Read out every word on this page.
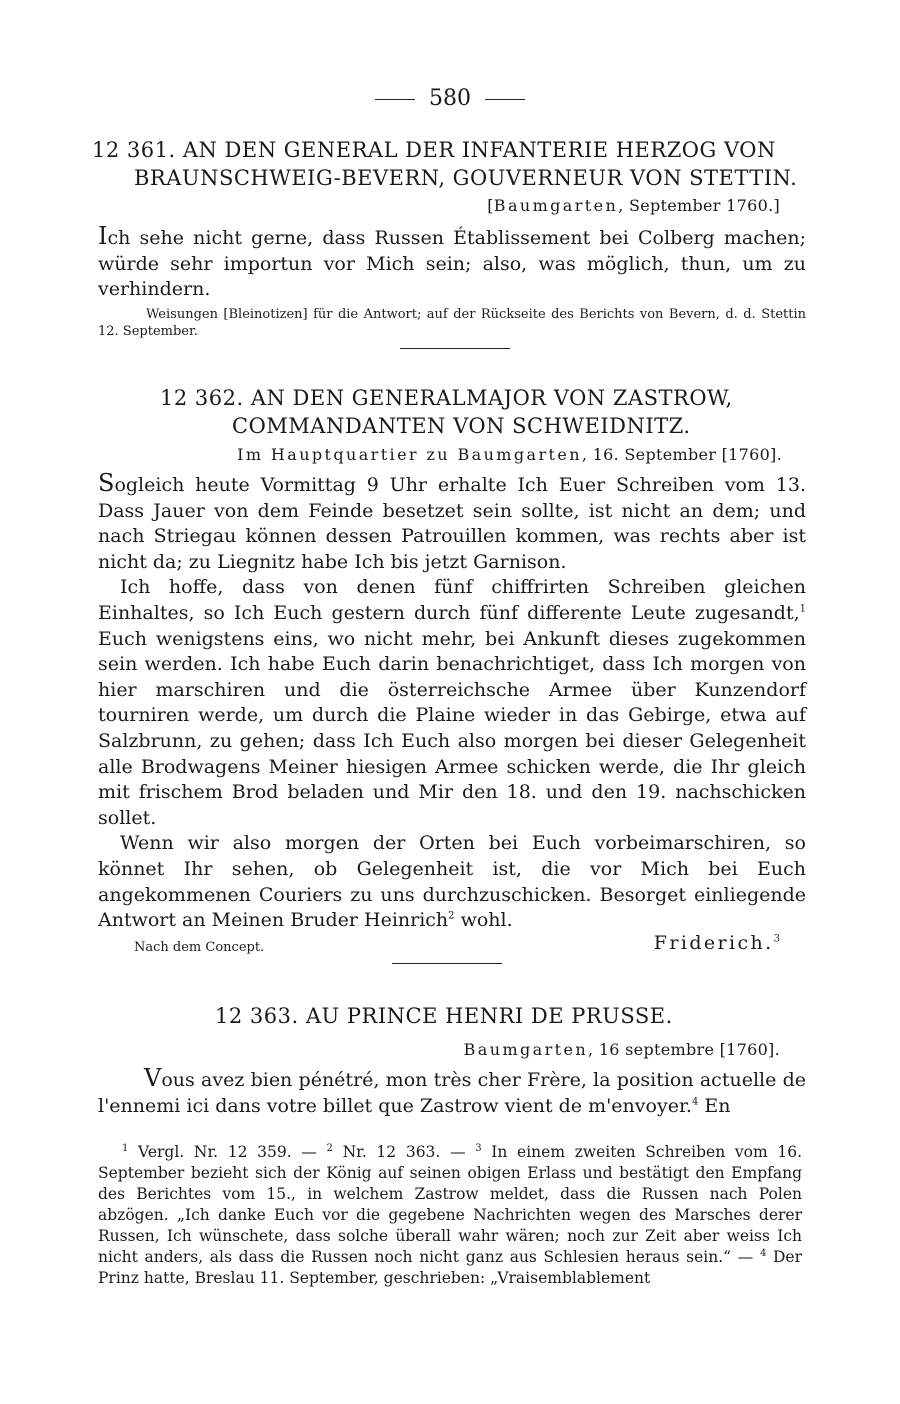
580
12 361. AN DEN GENERAL DER INFANTERIE HERZOG VON
BRAUNSCHWEIG-BEVERN, GOUVERNEUR VON STETTIN.
[Baumgarten, September 1760.]

Ich sehe nicht gerne, dass Russen Établissement bei Colberg machen; würde sehr importun vor Mich sein; also, was möglich, thun, um zu verhindern.

Weisungen [Bleinotizen] für die Antwort; auf der Rückseite des Berichts von Bevern, d. d. Stettin 12. September.
12 362. AN DEN GENERALMAJOR VON ZASTROW,
COMMANDANTEN VON SCHWEIDNITZ.
Im Hauptquartier zu Baumgarten, 16. September [1760].

Sogleich heute Vormittag 9 Uhr erhalte Ich Euer Schreiben vom 13. Dass Jauer von dem Feinde besetzet sein sollte, ist nicht an dem; und nach Striegau können dessen Patrouillen kommen, was rechts aber ist nicht da; zu Liegnitz habe Ich bis jetzt Garnison.

Ich hoffe, dass von denen fünf chiffrirten Schreiben gleichen Einhaltes, so Ich Euch gestern durch fünf differente Leute zugesandt,$^1$ Euch wenigstens eins, wo nicht mehr, bei Ankunft dieses zugekommen sein werden. Ich habe Euch darin benachrichtiget, dass Ich morgen von hier marschiren und die österreichsche Armee über Kunzendorf tourniren werde, um durch die Plaine wieder in das Gebirge, etwa auf Salzbrunn, zu gehen; dass Ich Euch also morgen bei dieser Gelegenheit alle Brodwagens Meiner hiesigen Armee schicken werde, die Ihr gleich mit frischem Brod beladen und Mir den 18. und den 19. nachschicken sollet.

Wenn wir also morgen der Orten bei Euch vorbeimarschiren, so könnet Ihr sehen, ob Gelegenheit ist, die vor Mich bei Euch angekommenen Couriers zu uns durchzuschicken. Besorget einliegende Antwort an Meinen Bruder Heinrich$^2$ wohl.

Nach dem Concept.	Friderich.$^3$
12 363. AU PRINCE HENRI DE PRUSSE.
Baumgarten, 16 septembre [1760].

Vous avez bien pénétré, mon très cher Frère, la position actuelle de l'ennemi ici dans votre billet que Zastrow vient de m'envoyer.$^4$ En

$^1$ Vergl. Nr. 12 359. — $^2$ Nr. 12 363. — $^3$ In einem zweiten Schreiben vom 16. September bezieht sich der König auf seinen obigen Erlass und bestätigt den Empfang des Berichtes vom 15., in welchem Zastrow meldet, dass die Russen nach Polen abzögen. „Ich danke Euch vor die gegebene Nachrichten wegen des Marsches derer Russen, Ich wünschete, dass solche überall wahr wären; noch zur Zeit aber weiss Ich nicht anders, als dass die Russen noch nicht ganz aus Schlesien heraus sein.“ — $^4$ Der Prinz hatte, Breslau 11. September, geschrieben: „Vraisemblablement
